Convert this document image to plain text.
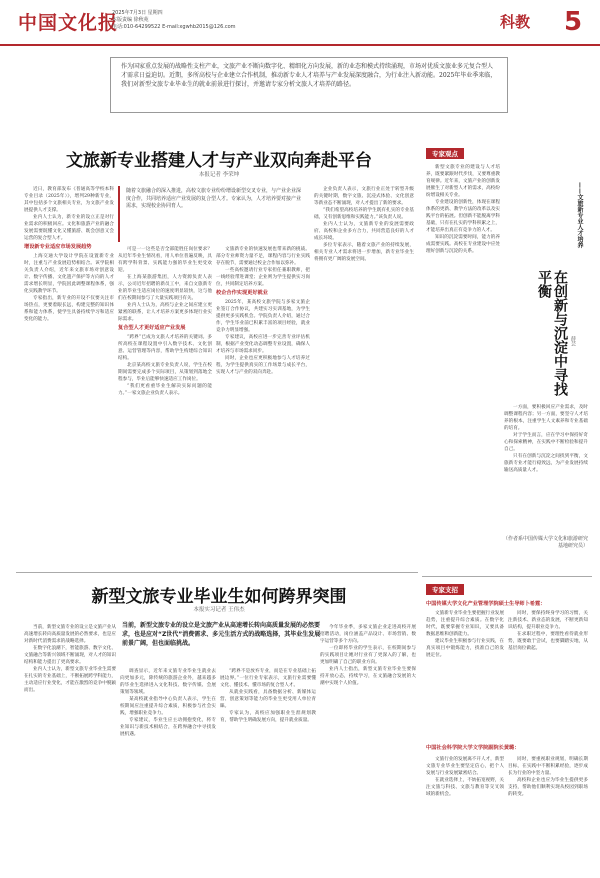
中国文化报
2025年7月3日 星期四
本版责编 徐秋苑
电话:010-64299522 E-mail:xgwhb2015@126.com	科教	5
作为国家重点发展的战略性支柱产业，文旅产业不断向数字化、精细化方向发展，新的业态和模式持续涌现，市场对优质文旅业多元复合型人才需求日益迫切。近期，多所高校与企业建立合作机制，推动新专业人才培养与产业发展深度融合，为行业注入新动能。2025年毕业季来临，我们对新型文旅专业毕业生的就业前景进行探讨，并邀请专家分析文旅人才培养的路径。
文旅新专业搭建人才与产业双向奔赴平台
本报记者 李荣坤
随着文旅融合的深入推进，高校文旅专业纷纷增设新型交叉专业，与产业企业深度合作，共同培养适应产业发展的复合型人才。专家认为，人才培养要对接产业需求，实现校企协同育人。

近日，教育部发布《普通高等学校本科专业目录（2025年）》，增列29种新专业，其中包括多个文旅相关专业，为文旅产业发展提供人才支撑。

业内人士认为，新专业的设立正是对行业需求的积极回应。文化和旅游产业的融合发展需要既懂文化又懂旅游、既会创意又会运营的复合型人才。

增设新专业适应市场发展趋势

上海交通大学设计学院在设置新专业时，注重与产业发展趋势相结合。该学院相关负责人介绍，近年来文旅市场对创意设计、数字传播、文化遗产保护等方向的人才需求增长明显，学院因此调整课程体系，强化实践教学环节。

专家指出，新专业的开设不仅要关注市场热点，更要着眼长远，构建完整的知识体系和能力体系，使学生具备持续学习和适应变化的能力。

可是一一这些是否全部能胜任岗位要求？从近年毕业生情况看，用人单位普遍反映，具有跨学科背景、实践能力强的毕业生更受欢迎。

在上海某旅游集团，人力资源负责人表示，公司近年招聘的新员工中，来自文旅新专业的毕业生适应岗位的速度明显较快，这与他们在校期间参与了大量实践项目有关。

业内人士认为，高校与企业之间应建立更紧密的联系，让人才培养方案更多体现行业实际需求。

复合型人才更好适应产业发展

“跨界”已成为文旅人才培养的关键词。多所高校在课程设置中引入数字技术、文化创意、运营管理等内容，帮助学生构建综合知识结构。

北京某高校文旅专业负责人说，学生在校期间需要完成多个实际项目，从策划到落地全程参与，毕业后能够快速适应工作岗位。

“我们更看重毕业生解决实际问题的能力。”一家文旅企业负责人表示。

文旅新专业的快速发展也带来新的挑战。部分专业师资力量不足，课程内容与行业实践存在脱节，需要通过校企合作加以弥补。

一些高校邀请行业专家担任兼职教师，把一线经验带进课堂；企业则为学生提供实习岗位，共同制定培养方案。

校企合作实现更好就业

2025年，某高校文旅学院与多家文旅企业签订合作协议，共建实习实训基地，为学生提供更多实践机会。学院负责人介绍，通过合作，学生毕业前已积累丰富的项目经验，就业竞争力明显增强。

专家建议，高校应进一步完善专业评估机制，根据产业变化动态调整专业设置，确保人才培养与市场需求同步。

同时，企业也应更积极地参与人才培养过程，为学生提供真实的工作场景与成长平台，实现人才与产业的双向奔赴。

企业负责人表示，文旅行业正处于转型升级的关键时期，数字文旅、沉浸式体验、文化创意等新业态不断涌现，对人才提出了新的要求。

“我们希望高校培养的学生既有扎实的专业基础，又有创新思维和实践能力。”该负责人说。

业内人士认为，文旅新专业的发展需要政府、高校和企业多方合力，共同营造良好的人才成长环境。

多位专家表示，随着文旅产业的持续发展，相关专业人才需求将进一步增加，新专业毕业生将拥有更广阔的发展空间。

新型文旅专业毕业生如何跨界突围
本报实习记者 王伟杰
当前，新型文旅专业的设立是文旅产业从高速增长转向高质量发展的必然要求，也是应对“Z世代”消费需求、多元生活方式的战略选择，其毕业生发展前景广阔，但也面临挑战。

当前，新型文旅专业的设立是文旅产业从高速增长转向高质量发展的必然要求，也是应对新时代消费需求的战略选择。

在数字化浪潮下，智能旅游、数字文化、文旅融合等新兴领域不断涌现，对人才的知识结构和能力提出了更高要求。

业内人士认为，新型文旅专业毕业生需要在扎实的专业基础上，不断拓展跨学科能力，主动适应行业变化，才能在激烈的竞争中脱颖而出。

调查显示，近年来文旅专业毕业生就业去向更加多元，除传统的旅游企业外，越来越多的毕业生选择进入文化科技、数字传媒、会展策划等领域。

某高校就业指导中心负责人表示，学生在校期间应注重提升综合素质，积极参与社会实践，增强职业竞争力。

专家建议，毕业生应主动拥抱变化，将专业知识与新技术相结合，在跨界融合中寻找发展机遇。

“跨界不是放弃专业，而是在专业基础上拓展边界。”一位行业专家表示，文旅行业需要懂文化、懂技术、懂市场的复合型人才。

从就业实践看，具备数据分析、新媒体运营、创意策划等能力的毕业生更受用人单位青睐。

专家认为，高校应加强职业生涯规划教育，帮助学生明确发展方向，提升就业质量。

今年毕业季，多家文旅企业走进高校开展招聘活动，岗位涵盖产品设计、市场营销、数字运营等多个方向。

一位即将毕业的学生表示，在校期间参与的实践项目让她对行业有了更深入的了解，也更加明确了自己的职业方向。

业内人士指出，新型文旅专业毕业生要保持开放心态，持续学习，在文旅融合发展的大潮中实现个人价值。

专家观点
——文旅新专业人才培养
在创新与沉淀中寻找平衡
薛芸

新型文旅专业的建设与人才培养，既要紧跟时代步伐，又要尊重教育规律。近年来，文旅产业的创新发展催生了对新型人才的需求，高校纷纷增设相关专业。

专业建设的创新性，体现在课程体系的更新、教学方法的改革以及实践平台的拓展。但创新不能脱离学科基础，只有在扎实的学科积累之上，才能培养出真正有竞争力的人才。

知识的沉淀需要时间，能力的养成需要实践。高校在专业建设中应处理好创新与沉淀的关系。

一方面，要积极回应产业需求，及时调整课程内容；另一方面，要坚守人才培养的根本，注重学生人文素养和专业基础的培育。

对于学生而言，应在学习中保持好奇心和探索精神，在实践中不断检验和提升自己。

只有在创新与沉淀之间找到平衡，文旅新专业才能行稳致远，为产业发展持续输送高质量人才。

（作者系中国传媒大学文化和旅游研究基地研究员）
专家支招
中国传媒大学文化产业管理学院硕士生导师卜希霆：

文旅新专业毕业生要把握行业发展趋势，注重提升综合素质。在数字化时代，既要掌握专业知识，又要具备数据思维和创新能力。

建议毕业生积极参与行业实践，在真实项目中锻炼能力，找准自己的发展定位。

同时，要保持终身学习的习惯，关注新技术、新业态的发展，不断更新知识结构，提升职业竞争力。

在求职过程中，要理性看待就业形势，既要敢于尝试，也要脚踏实地，从基层岗位做起。

中国社会科学院大学文学院副院长黄璐：

文旅行业的发展离不开人才，新型文旅专业毕业生要坚定信心，把个人发展与行业发展紧密结合。

在就业选择上，不妨拓宽视野，关注文旅与科技、文旅与教育等交叉领域的新机会。

同时，要重视职业规划，明确长期目标，在实践中不断积累经验，逐步成长为行业的中坚力量。

高校和企业也应为毕业生提供更多支持，帮助他们顺利实现从校园到职场的转变。
